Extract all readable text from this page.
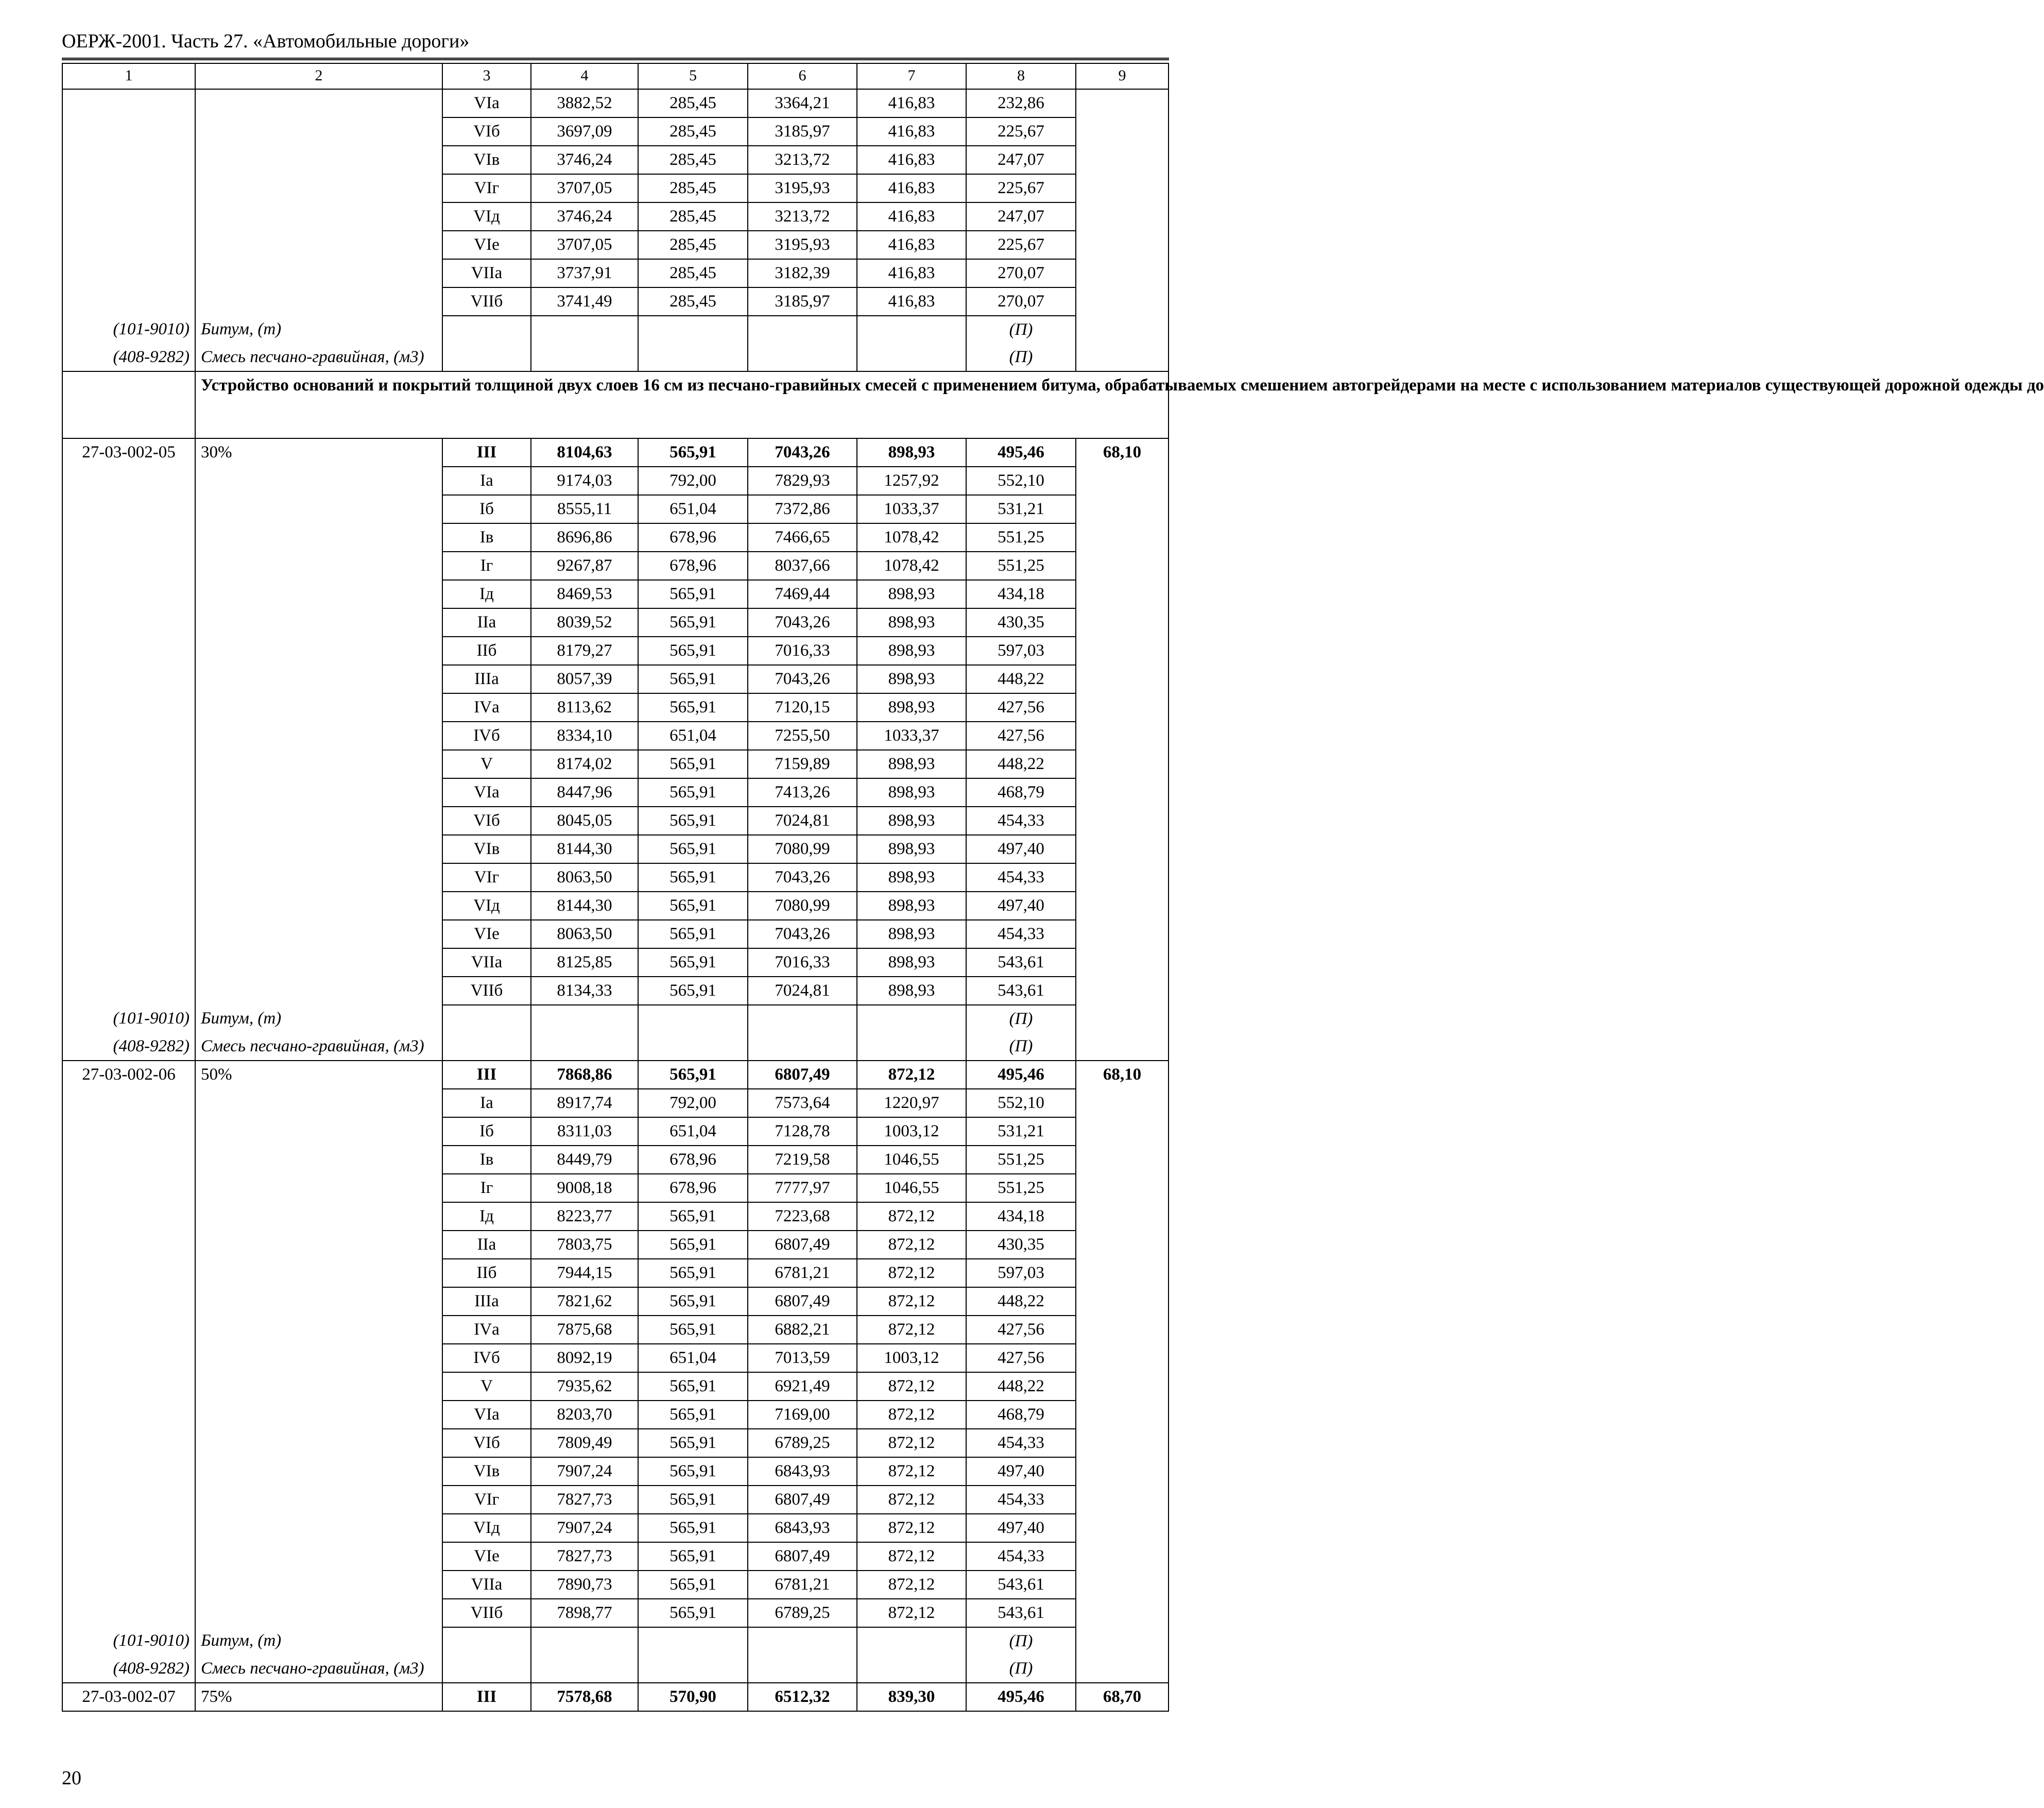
ОЕРЖ-2001. Часть 27. «Автомобильные дороги»
1	2	3	4	5	6	7	8	9
		VIа	3882,52	285,45	3364,21	416,83	232,86	
		VIб	3697,09	285,45	3185,97	416,83	225,67	
		VIв	3746,24	285,45	3213,72	416,83	247,07	
		VIг	3707,05	285,45	3195,93	416,83	225,67	
		VIд	3746,24	285,45	3213,72	416,83	247,07	
		VIе	3707,05	285,45	3195,93	416,83	225,67	
		VIIа	3737,91	285,45	3182,39	416,83	270,07	
		VIIб	3741,49	285,45	3185,97	416,83	270,07	
(101-9010)	Битум, (т)						(П)	
(408-9282)	Смесь песчано-гравийная, (м3)						(П)	
	Устройство оснований и покрытий толщиной двух слоев 16 см из песчано-гравийных смесей с применением битума, обрабатываемых смешением автогрейдерами на месте с использованием материалов существующей дорожной одежды до							
27-03-002-05	30%	III	8104,63	565,91	7043,26	898,93	495,46	68,10
		Iа	9174,03	792,00	7829,93	1257,92	552,10	
		Iб	8555,11	651,04	7372,86	1033,37	531,21	
		Iв	8696,86	678,96	7466,65	1078,42	551,25	
		Iг	9267,87	678,96	8037,66	1078,42	551,25	
		Iд	8469,53	565,91	7469,44	898,93	434,18	
		IIа	8039,52	565,91	7043,26	898,93	430,35	
		IIб	8179,27	565,91	7016,33	898,93	597,03	
		IIIа	8057,39	565,91	7043,26	898,93	448,22	
		IVа	8113,62	565,91	7120,15	898,93	427,56	
		IVб	8334,10	651,04	7255,50	1033,37	427,56	
		V	8174,02	565,91	7159,89	898,93	448,22	
		VIа	8447,96	565,91	7413,26	898,93	468,79	
		VIб	8045,05	565,91	7024,81	898,93	454,33	
		VIв	8144,30	565,91	7080,99	898,93	497,40	
		VIг	8063,50	565,91	7043,26	898,93	454,33	
		VIд	8144,30	565,91	7080,99	898,93	497,40	
		VIе	8063,50	565,91	7043,26	898,93	454,33	
		VIIа	8125,85	565,91	7016,33	898,93	543,61	
		VIIб	8134,33	565,91	7024,81	898,93	543,61	
(101-9010)	Битум, (т)						(П)	
(408-9282)	Смесь песчано-гравийная, (м3)						(П)	
27-03-002-06	50%	III	7868,86	565,91	6807,49	872,12	495,46	68,10
		Iа	8917,74	792,00	7573,64	1220,97	552,10	
		Iб	8311,03	651,04	7128,78	1003,12	531,21	
		Iв	8449,79	678,96	7219,58	1046,55	551,25	
		Iг	9008,18	678,96	7777,97	1046,55	551,25	
		Iд	8223,77	565,91	7223,68	872,12	434,18	
		IIа	7803,75	565,91	6807,49	872,12	430,35	
		IIб	7944,15	565,91	6781,21	872,12	597,03	
		IIIа	7821,62	565,91	6807,49	872,12	448,22	
		IVа	7875,68	565,91	6882,21	872,12	427,56	
		IVб	8092,19	651,04	7013,59	1003,12	427,56	
		V	7935,62	565,91	6921,49	872,12	448,22	
		VIа	8203,70	565,91	7169,00	872,12	468,79	
		VIб	7809,49	565,91	6789,25	872,12	454,33	
		VIв	7907,24	565,91	6843,93	872,12	497,40	
		VIг	7827,73	565,91	6807,49	872,12	454,33	
		VIд	7907,24	565,91	6843,93	872,12	497,40	
		VIе	7827,73	565,91	6807,49	872,12	454,33	
		VIIа	7890,73	565,91	6781,21	872,12	543,61	
		VIIб	7898,77	565,91	6789,25	872,12	543,61	
(101-9010)	Битум, (т)						(П)	
(408-9282)	Смесь песчано-гравийная, (м3)						(П)	
27-03-002-07	75%	III	7578,68	570,90	6512,32	839,30	495,46	68,70
20
